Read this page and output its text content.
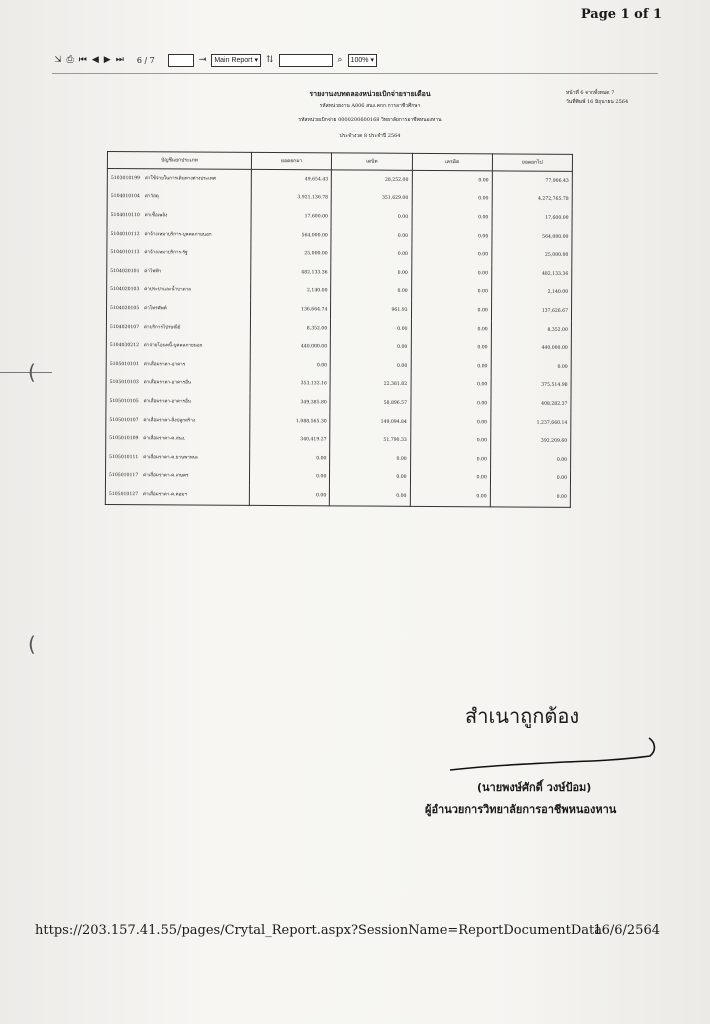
Page 1 of 1
⇲ ⎙ ⏮ ◀ ▶ ⏭ 6 / 7	⇥ Main Report ▾ ⇅	⌕ 100% ▾
รายงานงบทดลองหน่วยเบิกจ่ายรายเดือน
รหัสหน่วยงาน A006 สนง.คกก.การอาชีวศึกษา
รหัสหน่วยเบิกจ่าย 0000200600168 วิทยาลัยการอาชีพหนองหาน
ประจำงวด 8 ประจำปี 2564
หน้าที่ 6 จากทั้งหมด 7
วันที่พิมพ์ 16 มิถุนายน 2564
บัญชีแยกประเภท	ยอดยกมา	เดบิต	เครดิต	ยอดยกไป
5103010199 ค่าใช้จ่ายในการเดินทางต่างประเทศ	49,654.43	28,252.00	0.00	77,906.43
5104010104 ค่าวัสดุ	3,921,136.78	351,629.00	0.00	4,272,765.78
5104010110 ค่าเชื้อเพลิง	17,600.00	0.00	0.00	17,600.00
5104010112 ค่าจ้างเหมาบริการ-บุคคลภายนอก	564,000.00	0.00	0.00	564,000.00
5104010113 ค่าจ้างเหมาบริการ-รัฐ	25,000.00	0.00	0.00	25,000.00
5104020101 ค่าไฟฟ้า	482,133.36	0.00	0.00	482,133.36
5104020103 ค่าประปาและน้ำบาดาล	2,140.00	0.00	0.00	2,140.00
5104020105 ค่าโทรศัพท์	136,664.74	961.93	0.00	137,626.67
5104020107 ค่าบริการไปรษณีย์	8,352.00	0.00	0.00	8,352.00
5104030212 ค่าจ่ายโอนหนี้-บุคคลภายนอก	440,000.00	0.00	0.00	440,000.00
5105010101 ค่าเสื่อมราคา-อาคาร	0.00	0.00	0.00	0.00
5105010103 ค่าเสื่อมราคา-อาคารอื่น	353,132.16	22,381.82	0.00	375,514.98
5105010105 ค่าเสื่อมราคา-อาคารอื่น	349,385.80	58,896.57	0.00	408,282.37
5105010107 ค่าเสื่อมราคา-สิ่งปลูกสร้าง	1,088,565.30	149,094.84	0.00	1,237,660.14
5105010109 ค่าเสื่อมราคา-ค.สนง.	340,419.27	51,790.33	0.00	392,209.60
5105010111 ค่าเสื่อมราคา-ค.ยานพาหนะ	0.00	0.00	0.00	0.00
5105010117 ค่าเสื่อมราคา-ค.เกษตร	0.00	0.00	0.00	0.00
5105010127 ค่าเสื่อมราคา-ค.คอมฯ	0.00	0.00	0.00	0.00
(
(
สำเนาถูกต้อง
(นายพงษ์ศักดิ์ วงษ์ป้อม)
ผู้อำนวยการวิทยาลัยการอาชีพหนองหาน
https://203.157.41.55/pages/Crytal_Report.aspx?SessionName=ReportDocumentData
16/6/2564
